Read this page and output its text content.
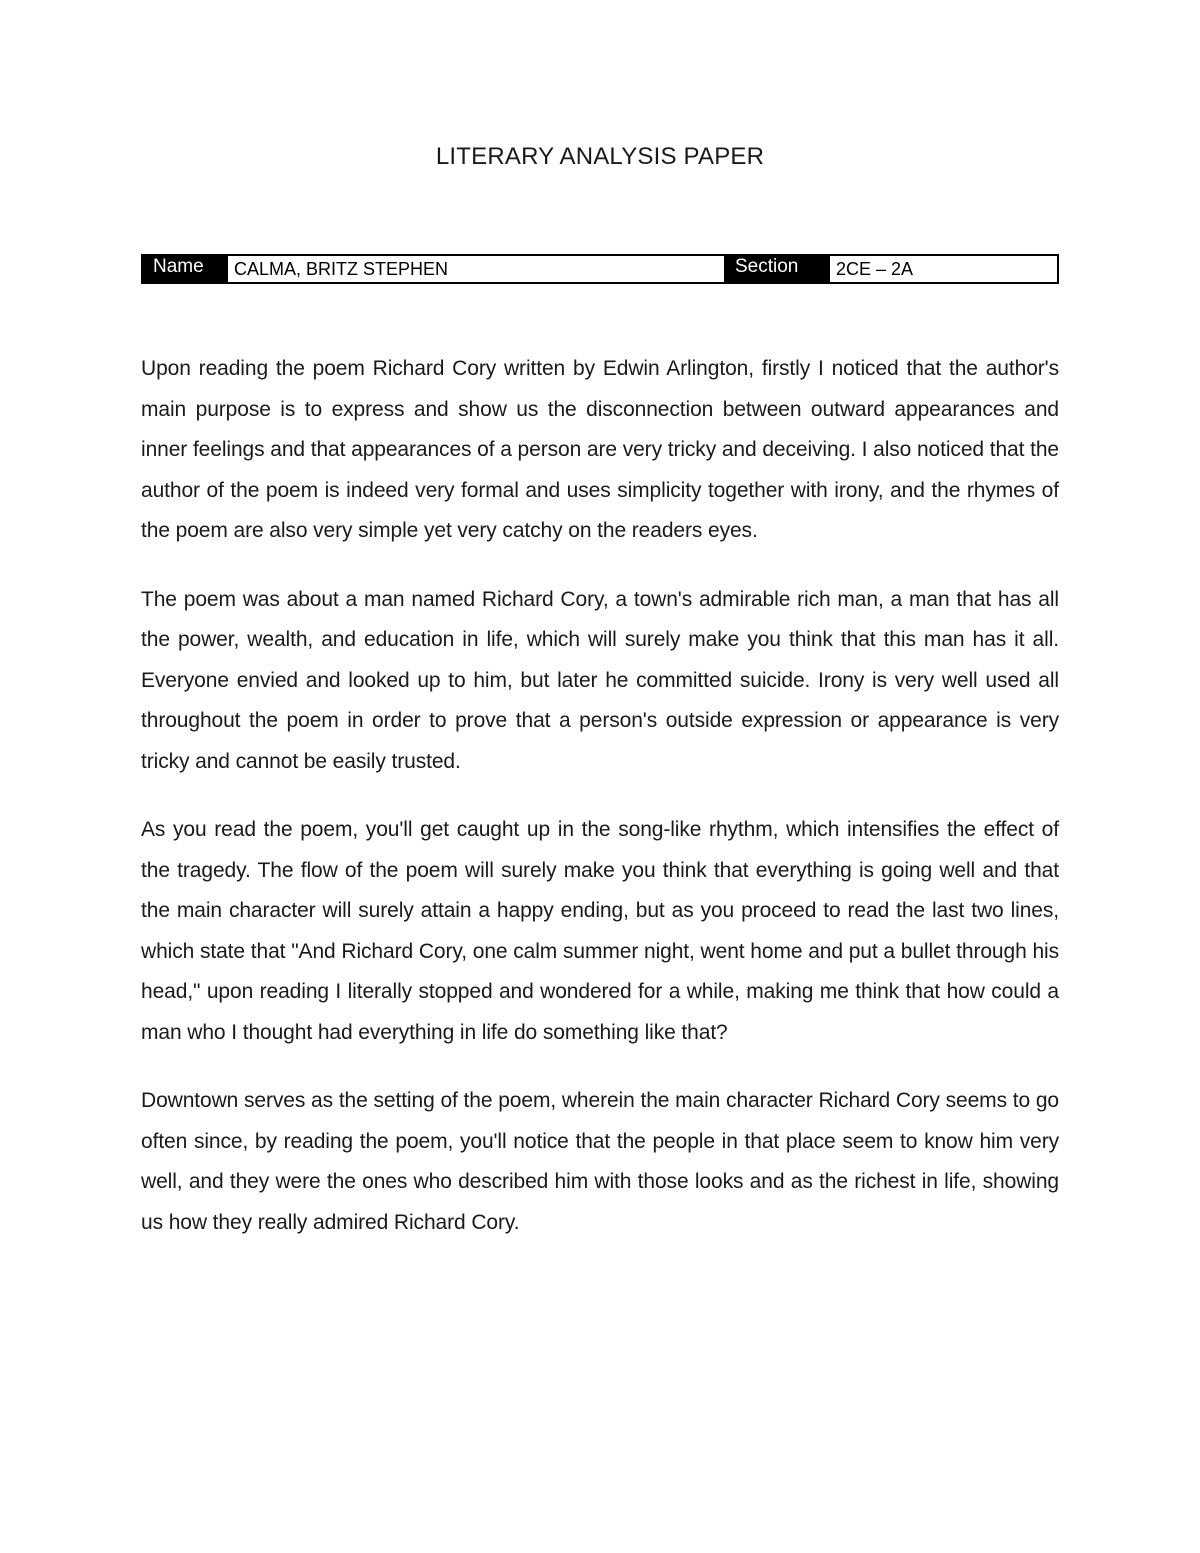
LITERARY ANALYSIS PAPER
Name	CALMA, BRITZ STEPHEN	Section	2CE – 2A

Upon reading the poem Richard Cory written by Edwin Arlington, firstly I noticed that the author's main purpose is to express and show us the disconnection between outward appearances and inner feelings and that appearances of a person are very tricky and deceiving. I also noticed that the author of the poem is indeed very formal and uses simplicity together with irony, and the rhymes of the poem are also very simple yet very catchy on the readers eyes.

The poem was about a man named Richard Cory, a town's admirable rich man, a man that has all the power, wealth, and education in life, which will surely make you think that this man has it all. Everyone envied and looked up to him, but later he committed suicide. Irony is very well used all throughout the poem in order to prove that a person's outside expression or appearance is very tricky and cannot be easily trusted.

As you read the poem, you'll get caught up in the song-like rhythm, which intensifies the effect of the tragedy. The flow of the poem will surely make you think that everything is going well and that the main character will surely attain a happy ending, but as you proceed to read the last two lines, which state that "And Richard Cory, one calm summer night, went home and put a bullet through his head," upon reading I literally stopped and wondered for a while, making me think that how could a man who I thought had everything in life do something like that?

Downtown serves as the setting of the poem, wherein the main character Richard Cory seems to go often since, by reading the poem, you'll notice that the people in that place seem to know him very well, and they were the ones who described him with those looks and as the richest in life, showing us how they really admired Richard Cory.
